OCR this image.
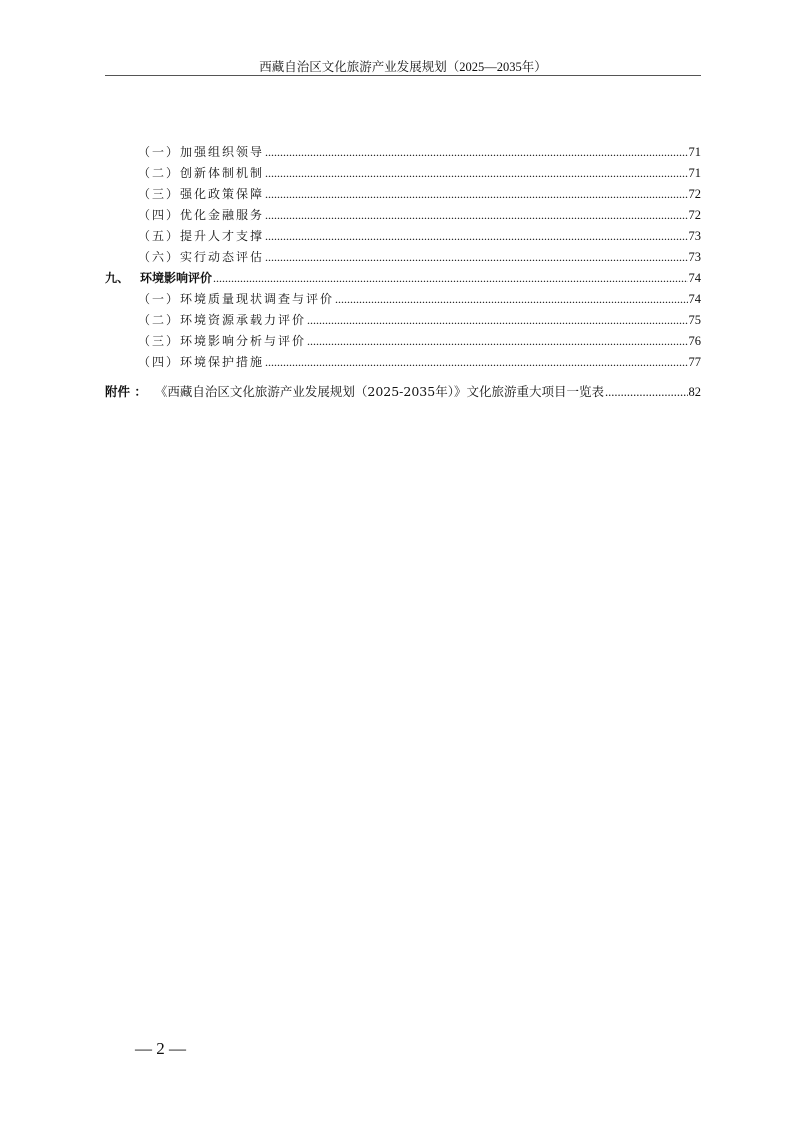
西藏自治区文化旅游产业发展规划（2025—2035年）
（一）加强组织领导 .....	71
（二）创新体制机制 .....	71
（三）强化政策保障 .....	72
（四）优化金融服务 .....	72
（五）提升人才支撑 .....	73
（六）实行动态评估 .....	73
九、 环境影响评价 .....	74
（一）环境质量现状调查与评价 .....	74
（二）环境资源承载力评价 .....	75
（三）环境影响分析与评价 .....	76
（四）环境保护措施 .....	77
附件 ： 《西藏自治区文化旅游产业发展规划（2025-2035年）》文化旅游重大项目一览表 .....	82
— 2 —
